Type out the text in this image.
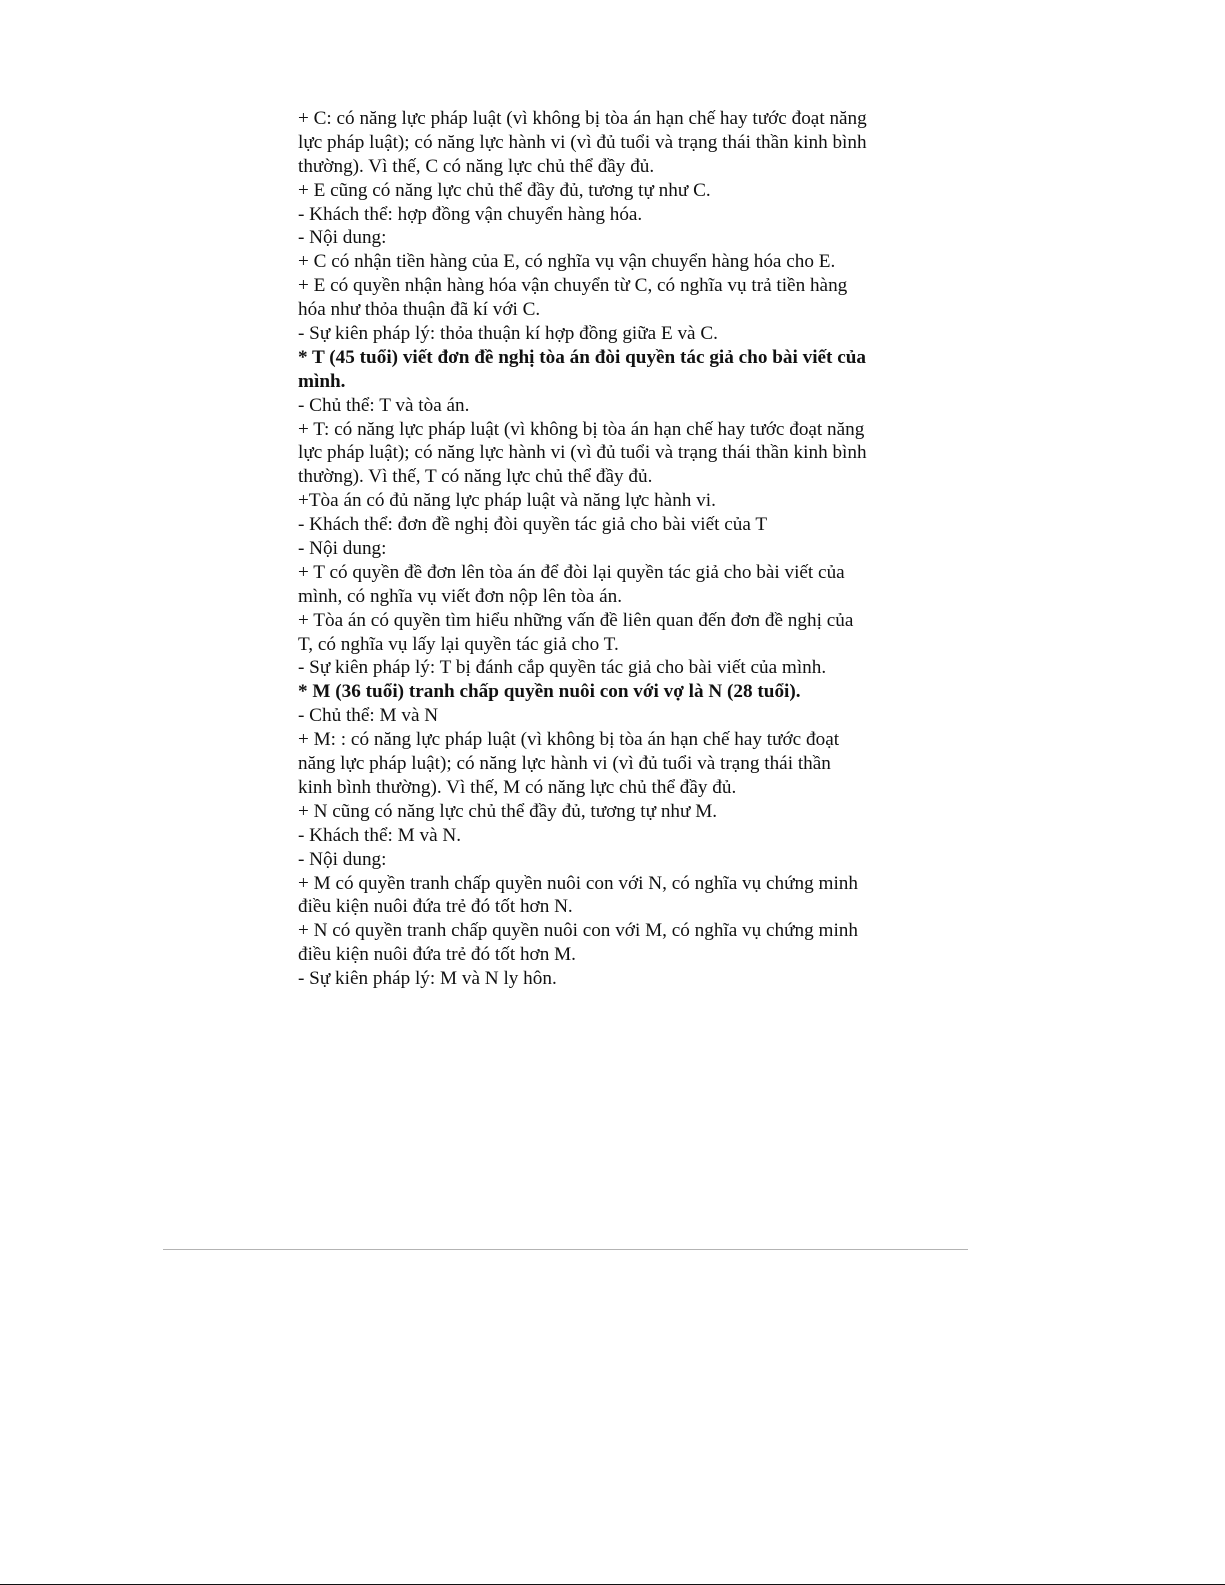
+ C: có năng lực pháp luật (vì không bị tòa án hạn chế hay tước đoạt năng

lực pháp luật); có năng lực hành vi (vì đủ tuổi và trạng thái thần kinh bình

thường). Vì thế, C có năng lực chủ thể đầy đủ.

+ E cũng có năng lực chủ thể đầy đủ, tương tự như C.

- Khách thể: hợp đồng vận chuyển hàng hóa.

- Nội dung:

+ C có nhận tiền hàng của E, có nghĩa vụ vận chuyển hàng hóa cho E.

+ E có quyền nhận hàng hóa vận chuyển từ C, có nghĩa vụ trả tiền hàng

hóa như thỏa thuận đã kí với C.

- Sự kiên pháp lý: thỏa thuận kí hợp đồng giữa E và C.

* T (45 tuổi) viết đơn đề nghị tòa án đòi quyền tác giả cho bài viết của

mình.

- Chủ thể: T và tòa án.

+ T: có năng lực pháp luật (vì không bị tòa án hạn chế hay tước đoạt năng

lực pháp luật); có năng lực hành vi (vì đủ tuổi và trạng thái thần kinh bình

thường). Vì thế, T có năng lực chủ thể đầy đủ.

+Tòa án có đủ năng lực pháp luật và năng lực hành vi.

- Khách thể: đơn đề nghị đòi quyền tác giả cho bài viết của T

- Nội dung:

+ T có quyền đề đơn lên tòa án để đòi lại quyền tác giả cho bài viết của

mình, có nghĩa vụ viết đơn nộp lên tòa án.

+ Tòa án có quyền tìm hiểu những vấn đề liên quan đến đơn đề nghị của

T, có nghĩa vụ lấy lại quyền tác giả cho T.

- Sự kiên pháp lý: T bị đánh cắp quyền tác giả cho bài viết của mình.

* M (36 tuổi) tranh chấp quyền nuôi con với vợ là N (28 tuổi).

- Chủ thể: M và N

+ M: : có năng lực pháp luật (vì không bị tòa án hạn chế hay tước đoạt

năng lực pháp luật); có năng lực hành vi (vì đủ tuổi và trạng thái thần

kinh bình thường). Vì thế, M có năng lực chủ thể đầy đủ.

+ N cũng có năng lực chủ thể đầy đủ, tương tự như M.

- Khách thể: M và N.

- Nội dung:

+ M có quyền tranh chấp quyền nuôi con với N, có nghĩa vụ chứng minh

điều kiện nuôi đứa trẻ đó tốt hơn N.

+ N có quyền tranh chấp quyền nuôi con với M, có nghĩa vụ chứng minh

điều kiện nuôi đứa trẻ đó tốt hơn M.

- Sự kiên pháp lý: M và N ly hôn.
